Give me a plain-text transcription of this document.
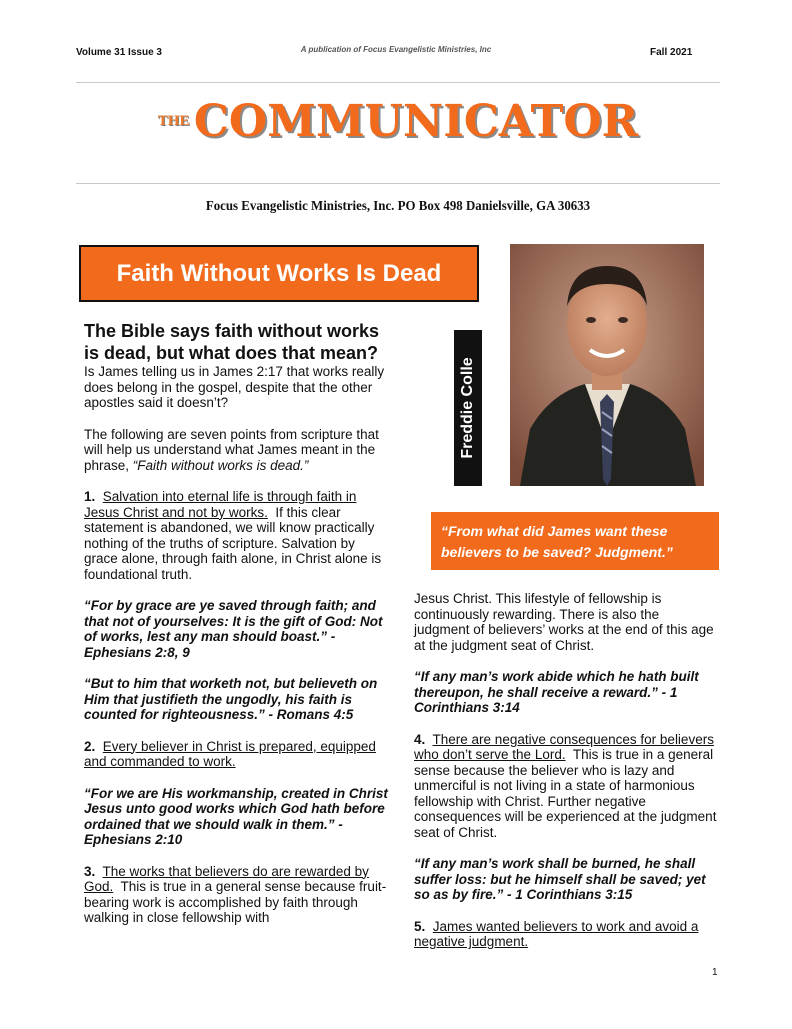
Volume 31 Issue 3	A publication of Focus Evangelistic Ministries, Inc	Fall 2021
THE COMMUNICATOR
Focus Evangelistic Ministries, Inc. PO Box 498 Danielsville, GA 30633
Faith Without Works Is Dead
Freddie Colle
“From what did James want these believers to be saved? Judgment.”

The Bible says faith without works is dead, but what does that mean?

Is James telling us in James 2:17 that works really does belong in the gospel, despite that the other apostles said it doesn’t?

The following are seven points from scripture that will help us understand what James meant in the phrase, “Faith without works is dead.”

1. Salvation into eternal life is through faith in Jesus Christ and not by works. If this clear statement is abandoned, we will know practically nothing of the truths of scripture. Salvation by grace alone, through faith alone, in Christ alone is foundational truth.

“For by grace are ye saved through faith; and that not of yourselves: It is the gift of God: Not of works, lest any man should boast.” - Ephesians 2:8, 9

“But to him that worketh not, but believeth on Him that justifieth the ungodly, his faith is counted for righteousness.” - Romans 4:5

2. Every believer in Christ is prepared, equipped and commanded to work.

“For we are His workmanship, created in Christ Jesus unto good works which God hath before ordained that we should walk in them.” - Ephesians 2:10

3. The works that believers do are rewarded by God. This is true in a general sense because fruit-bearing work is accomplished by faith through walking in close fellowship with

Jesus Christ. This lifestyle of fellowship is continuously rewarding. There is also the judgment of believers’ works at the end of this age at the judgment seat of Christ.

“If any man’s work abide which he hath built thereupon, he shall receive a reward.” - 1 Corinthians 3:14

4. There are negative consequences for believers who don’t serve the Lord. This is true in a general sense because the believer who is lazy and unmerciful is not living in a state of harmonious fellowship with Christ. Further negative consequences will be experienced at the judgment seat of Christ.

“If any man’s work shall be burned, he shall suffer loss: but he himself shall be saved; yet so as by fire.” - 1 Corinthians 3:15

5. James wanted believers to work and avoid a negative judgment.

1
